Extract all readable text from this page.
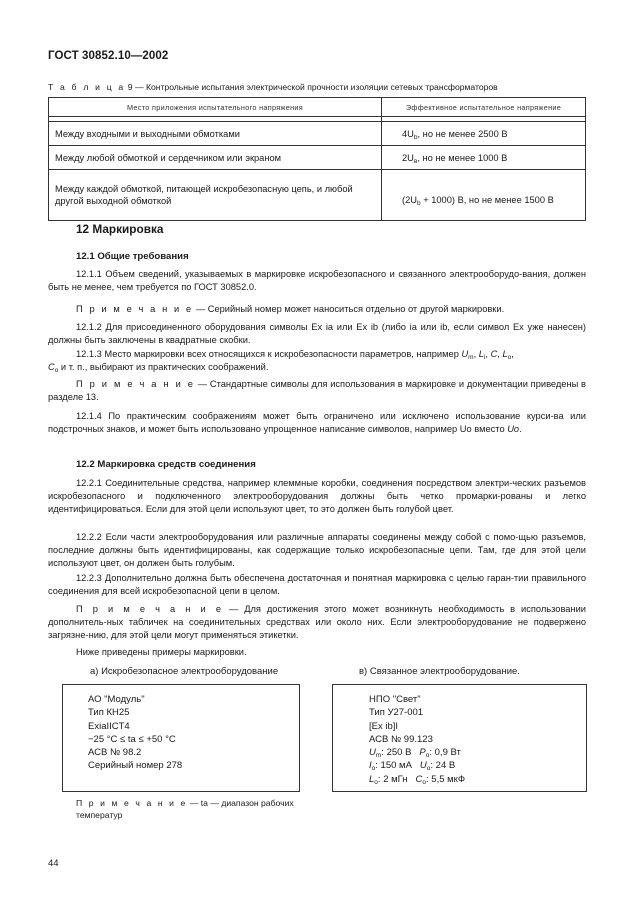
ГОСТ 30852.10—2002
Т а б л и ц а 9 — Контрольные испытания электрической прочности изоляции сетевых трансформаторов
Место приложения испытательного напряжения	Эффективное испытательное напряжение

Между входными и выходными обмотками	$4U_b$, но не менее 2500 В
Между любой обмоткой и сердечником или экраном	$2U_в$, но не менее 1000 В
Между каждой обмоткой, питающей искробезопасную цепь, и любой другой выходной обмоткой	$(2U_b + 1000)$ В, но не менее 1500 В
12 Маркировка
12.1 Общие требования
12.1.1 Объем сведений, указываемых в маркировке искробезопасного и связанного электрооборудо-вания, должен быть не менее, чем требуется по ГОСТ 30852.0.
П р и м е ч а н и е — Серийный номер может наноситься отдельно от другой маркировки.
12.1.2 Для присоединенного оборудования символы Ex ia или Ex ib (либо ia или ib, если символ Ex уже нанесен) должны быть заключены в квадратные скобки.
12.1.3 Место маркировки всех относящихся к искробезопасности параметров, например $U_m$, $L_i$, C, $L_o$,
$C_o$ и т. п., выбирают из практических соображений.
П р и м е ч а н и е — Стандартные символы для использования в маркировке и документации приведены в разделе 13.
12.1.4 По практическим соображениям может быть ограничено или исключено использование курси-ва или подстрочных знаков, и может быть использовано упрощенное написание символов, например Uo вместо Uo.
12.2 Маркировка средств соединения
12.2.1 Соединительные средства, например клеммные коробки, соединения посредством электри-ческих разъемов искробезопасного и подключенного электрооборудования должны быть четко промарки-рованы и легко идентифицироваться. Если для этой цели используют цвет, то это должен быть голубой цвет.
12.2.2 Если части электрооборудования или различные аппараты соединены между собой с помо-щью разъемов, последние должны быть идентифицированы, как содержащие только искробезопасные цепи. Там, где для этой цели используют цвет, он должен быть голубым.
12.2.3 Дополнительно должна быть обеспечена достаточная и понятная маркировка с целью гаран-тии правильного соединения для всей искробезопасной цепи в целом.
П р и м е ч а н и е — Для достижения этого может возникнуть необходимость в использовании дополнитель-ных табличек на соединительных средствах или около них. Если электрооборудование не подвержено загрязне-нию, для этой цели могут применяться этикетки.
Ниже приведены примеры маркировки.
а) Искробезопасное электрооборудование	в) Связанное электрооборудование.
АО "Модуль"
Тип КН25
ExiaIICT4
−25 °С ≤ ta ≤ +50 °С
АСВ № 98.2
Серийный номер 278
НПО "Свет"
Тип У27-001
[Ex ib]I
АСВ № 99.123
$U_m$: 250 В $P_o$: 0,9 Вт
$I_o$: 150 мА $U_o$: 24 В
$L_o$: 2 мГн $C_o$: 5,5 мкФ
П р и м е ч а н и е — ta — диапазон рабочих температур
44
